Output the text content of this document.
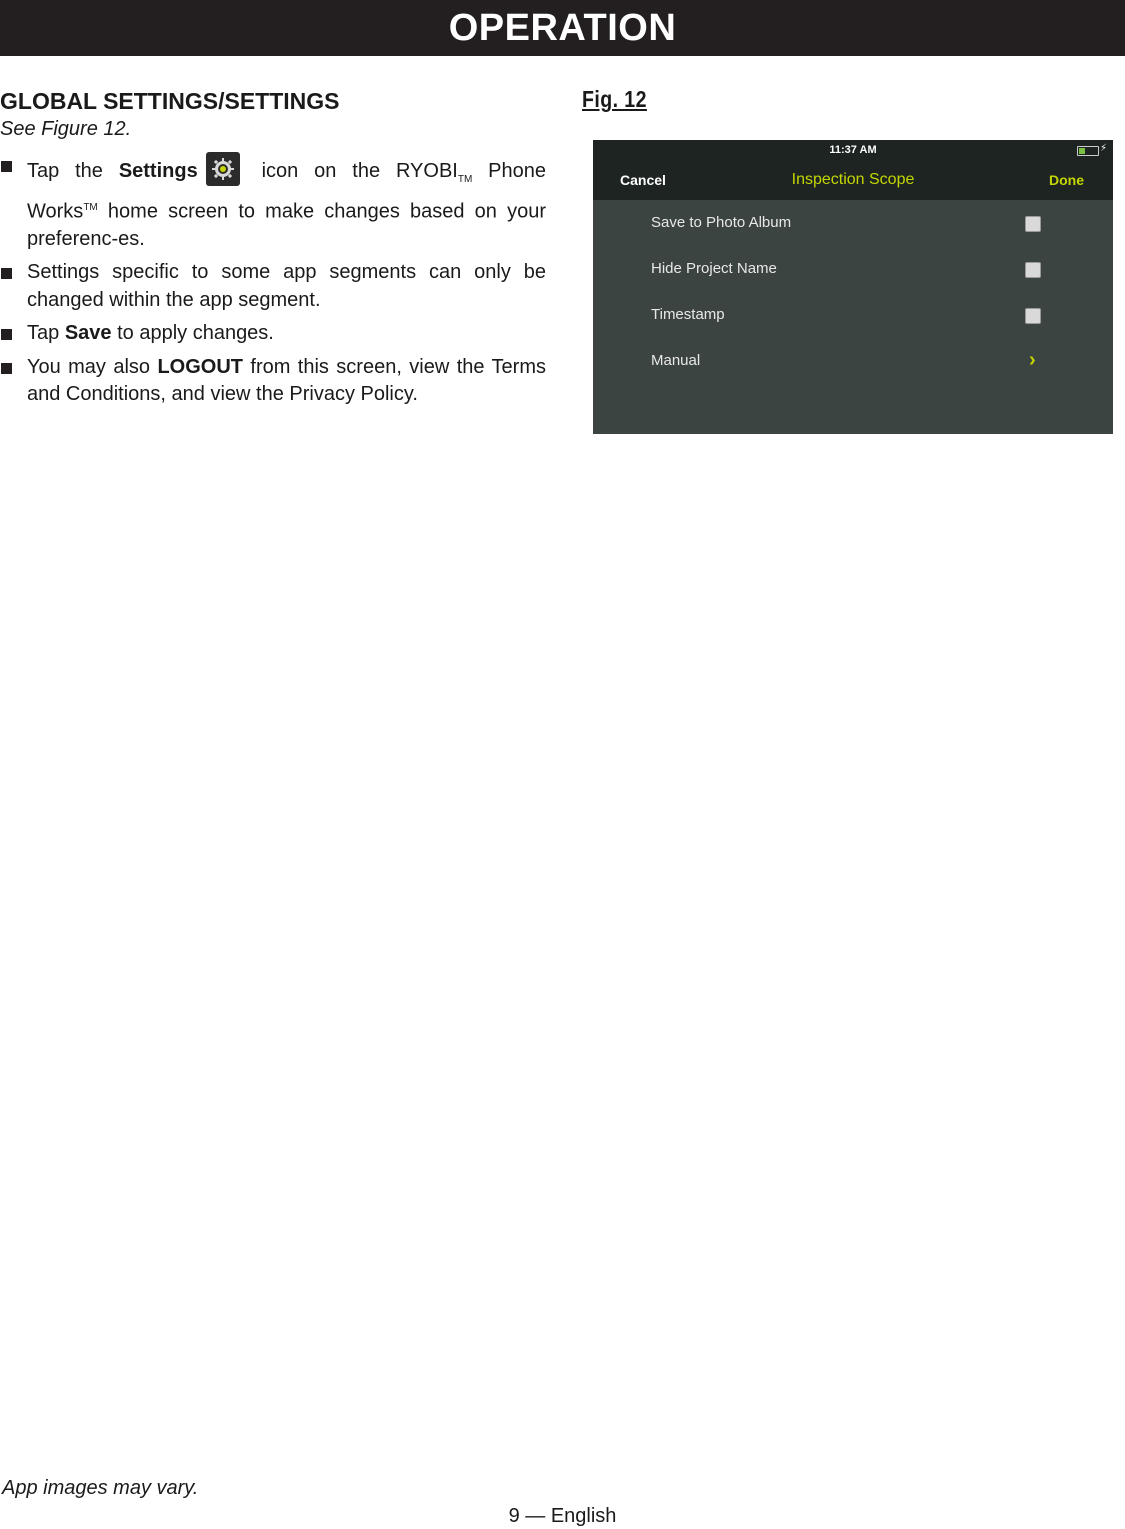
OPERATION
GLOBAL SETTINGS/SETTINGS

See Figure 12.

Tap the Settings
icon on the $RYOBI_{TM}$ Phone Works™ home screen to make changes based on your preferenc-es.
Settings specific to some app segments can only be changed within the app segment.
Tap Save to apply changes.
You may also LOGOUT from this screen, view the Terms and Conditions, and view the Privacy Policy.
Fig. 12
11:37 AM	⚡
Cancel	Inspection Scope	Done
Save to Photo Album
Hide Project Name
Timestamp
Manual	›
App images may vary.
9 — English
